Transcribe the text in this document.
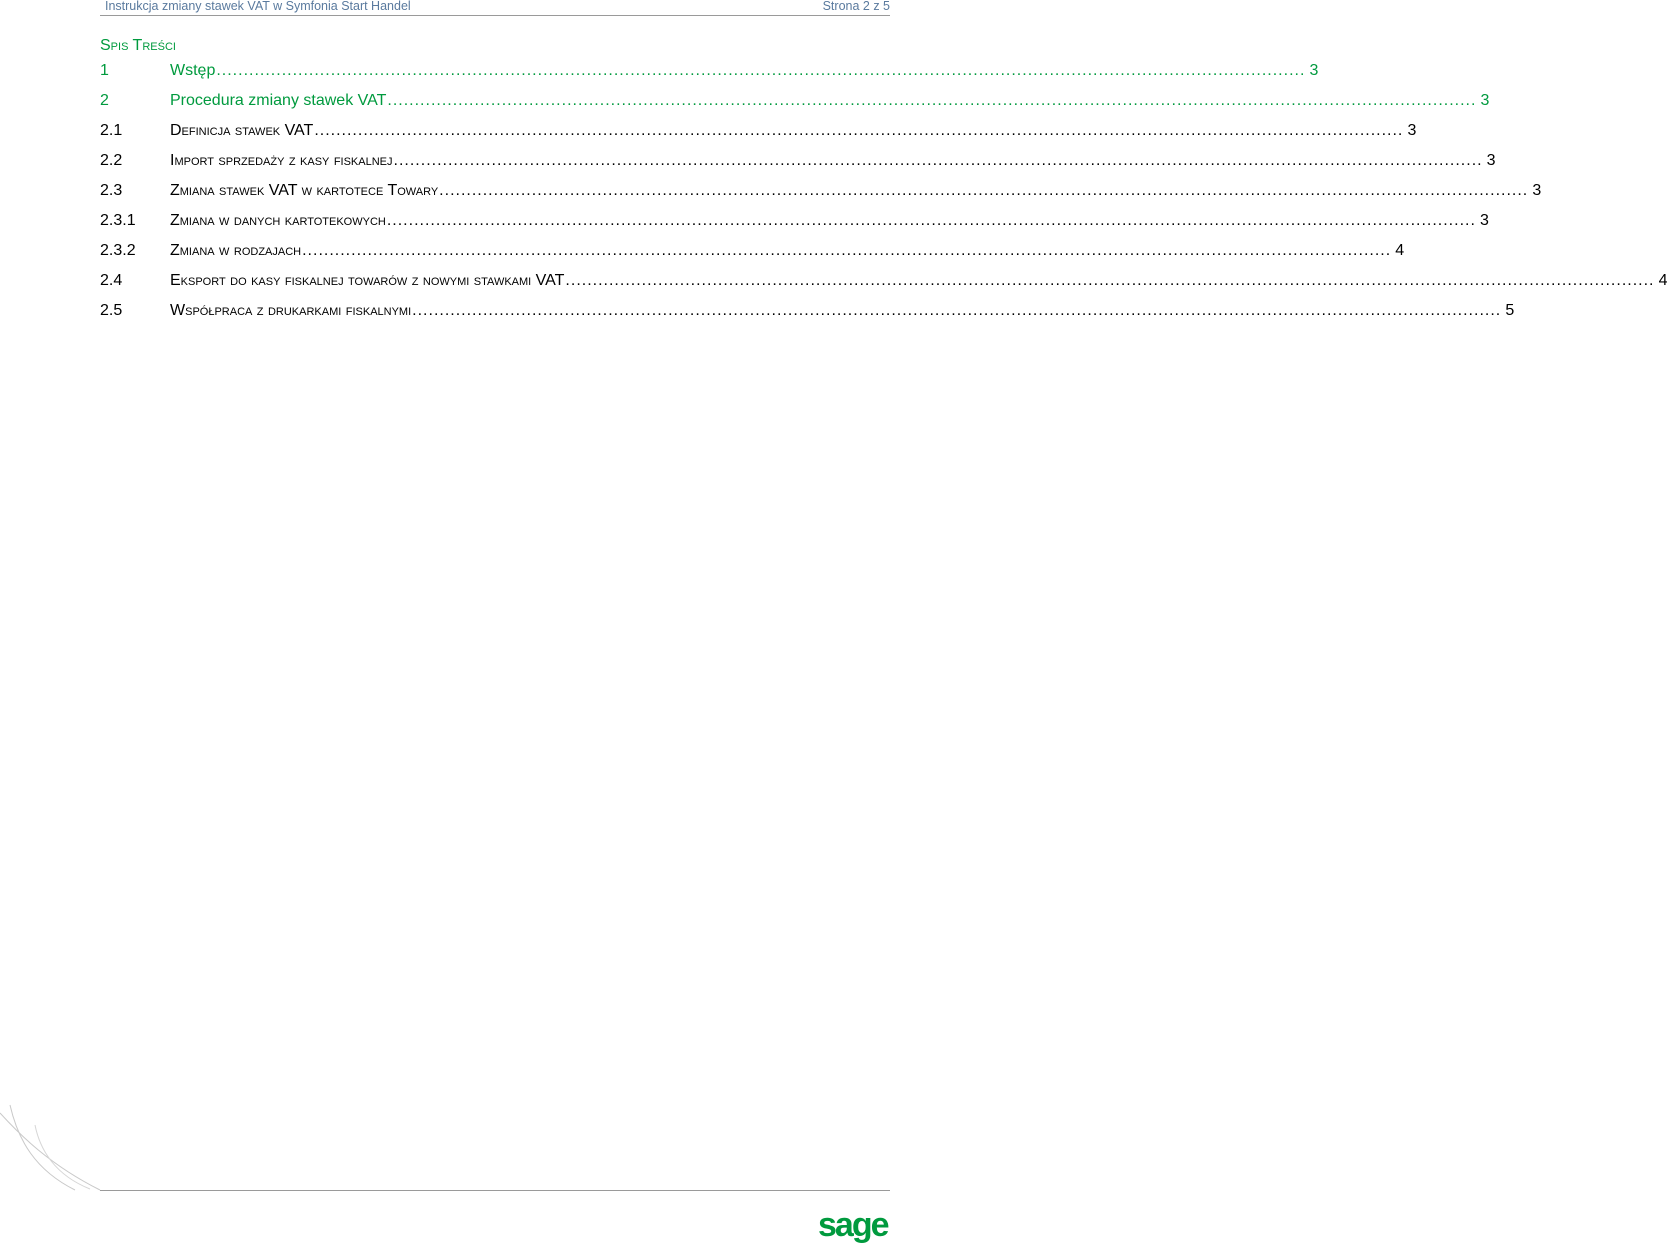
Instrukcja zmiany stawek VAT w Symfonia Start Handel	Strona 2 z 5
Spis Treści
1	Wstęp ........................................................................................................................................................................................................ 3
2	Procedura zmiany stawek VAT ........................................................................................................................................................................................................ 3
2.1	Definicja stawek VAT ........................................................................................................................................................................................................ 3
2.2	Import sprzedaży z kasy fiskalnej ........................................................................................................................................................................................................ 3
2.3	Zmiana stawek VAT w kartotece Towary ........................................................................................................................................................................................................ 3
2.3.1	Zmiana w danych kartotekowych ........................................................................................................................................................................................................ 3
2.3.2	Zmiana w rodzajach ........................................................................................................................................................................................................ 4
2.4	Eksport do kasy fiskalnej towarów z nowymi stawkami VAT ........................................................................................................................................................................................................ 4
2.5	Współpraca z drukarkami fiskalnymi ........................................................................................................................................................................................................ 5
sage
